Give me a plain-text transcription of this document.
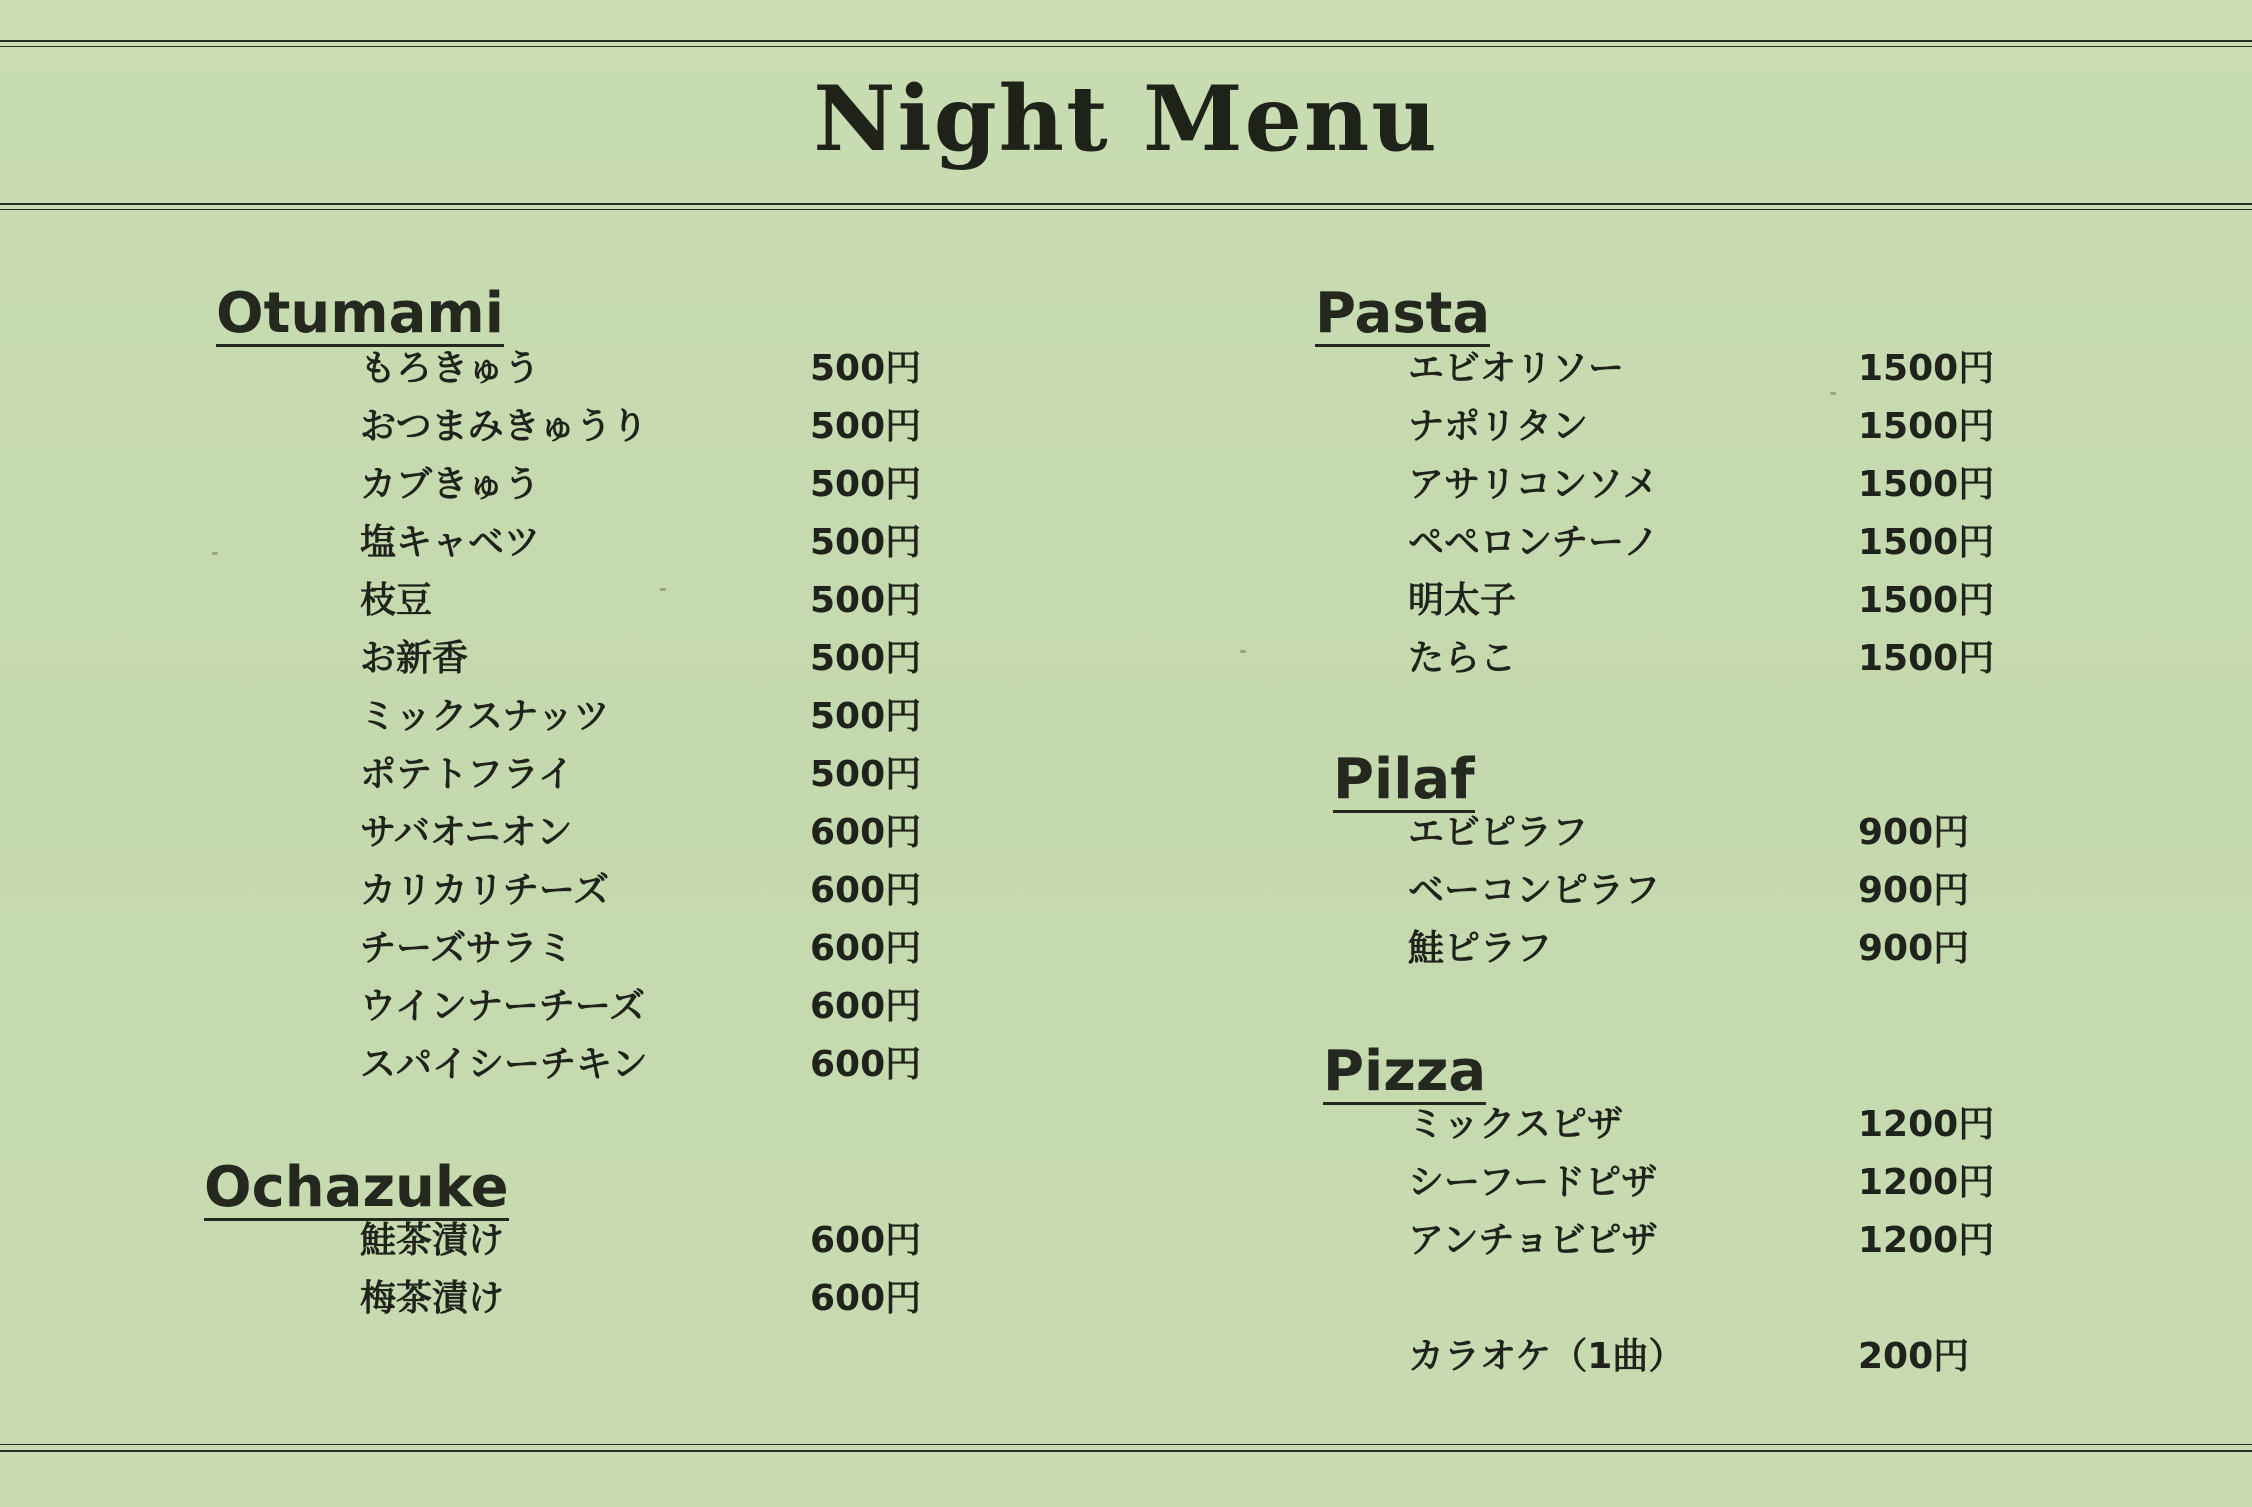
Night Menu
Otumami
もろきゅう	500円
おつまみきゅうり	500円
カブきゅう	500円
塩キャベツ	500円
枝豆	500円
お新香	500円
ミックスナッツ	500円
ポテトフライ	500円
サバオニオン	600円
カリカリチーズ	600円
チーズサラミ	600円
ウインナーチーズ	600円
スパイシーチキン	600円
Ochazuke
鮭茶漬け	600円
梅茶漬け	600円
Pasta
エビオリソー	1500円
ナポリタン	1500円
アサリコンソメ	1500円
ペペロンチーノ	1500円
明太子	1500円
たらこ	1500円
Pilaf
エビピラフ	900円
ベーコンピラフ	900円
鮭ピラフ	900円
Pizza
ミックスピザ	1200円
シーフードピザ	1200円
アンチョビピザ	1200円
カラオケ（1曲）	200円
